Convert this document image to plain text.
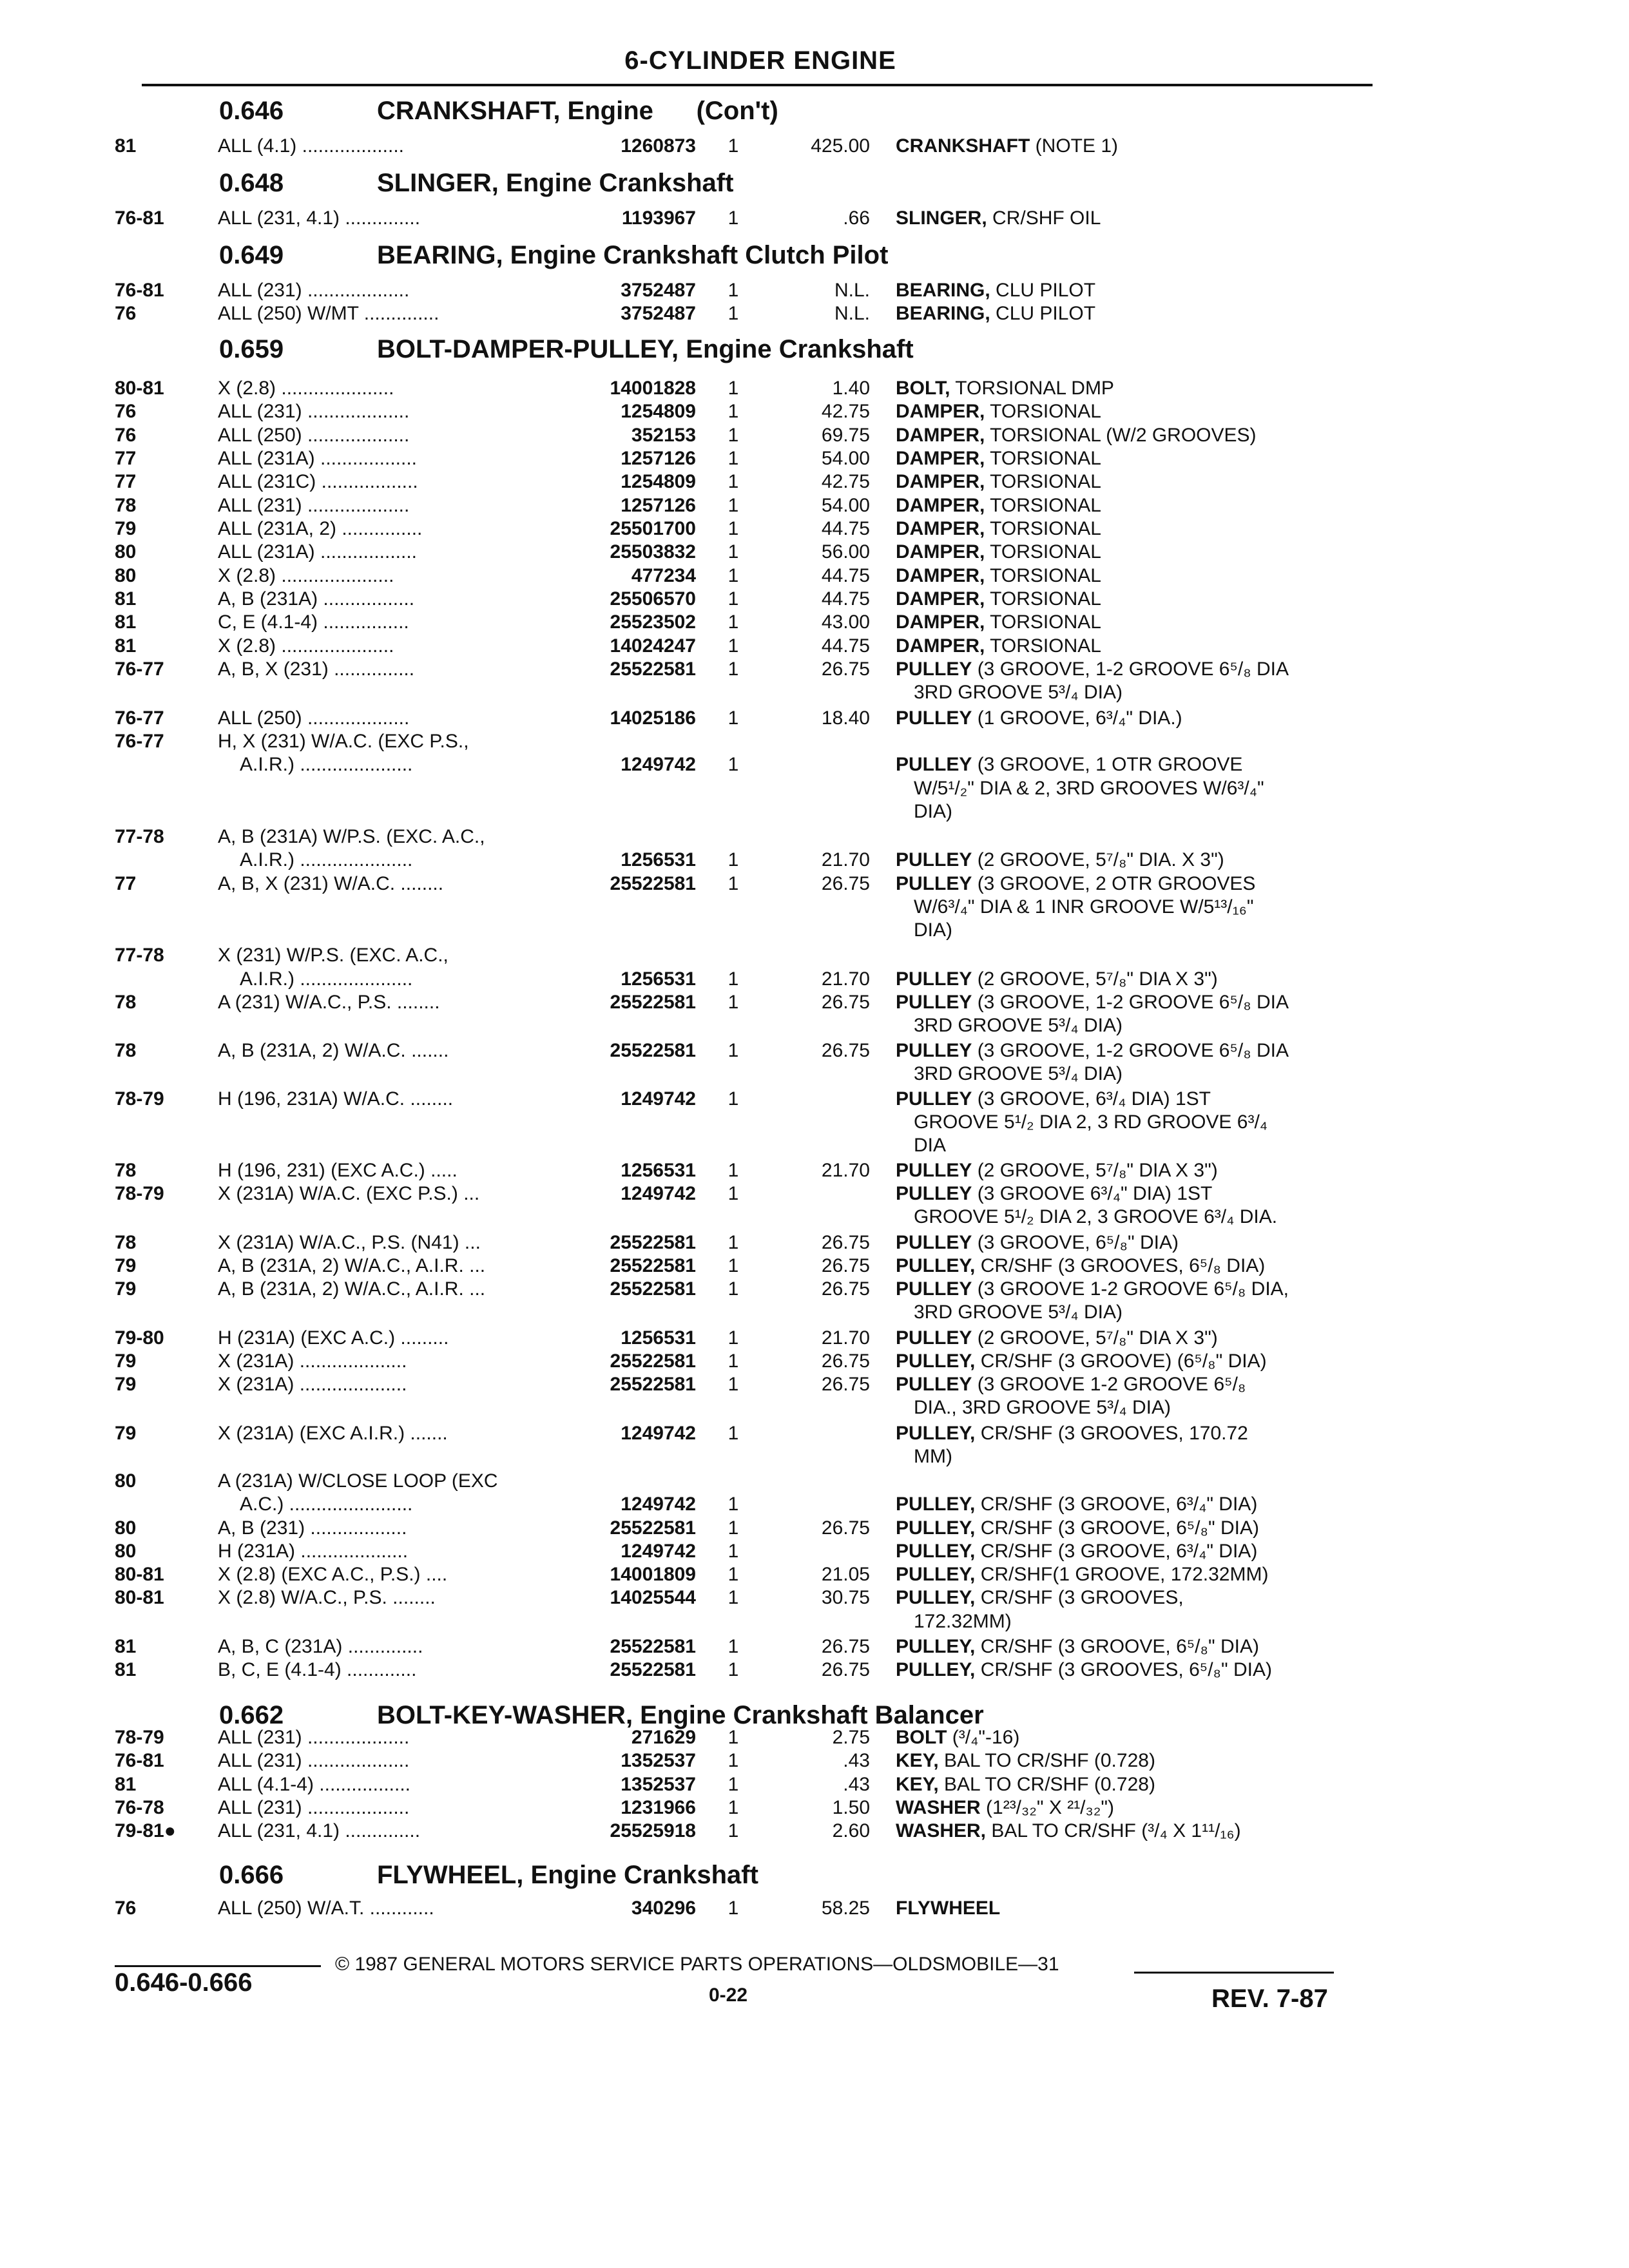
6-CYLINDER ENGINE
0.646	CRANKSHAFT, Engine      (Con't)
0.648	SLINGER, Engine Crankshaft
0.649	BEARING, Engine Crankshaft Clutch Pilot
0.659	BOLT-DAMPER-PULLEY, Engine Crankshaft
0.662	BOLT-KEY-WASHER, Engine Crankshaft Balancer
0.666	FLYWHEEL, Engine Crankshaft
81	ALL (4.1) ...................	1260873	1	425.00 CRANKSHAFT (NOTE 1)
76-81	ALL (231, 4.1) ..............	1193967	1	.66 SLINGER, CR/SHF OIL
76-81	ALL (231) ...................	3752487	1	N.L. BEARING, CLU PILOT
76	ALL (250) W/MT ..............	3752487	1	N.L. BEARING, CLU PILOT
80-81	X (2.8) .....................	14001828	1	1.40 BOLT, TORSIONAL DMP
76	ALL (231) ...................	1254809	1	42.75 DAMPER, TORSIONAL
76	ALL (250) ...................	352153	1	69.75 DAMPER, TORSIONAL (W/2 GROOVES)
77	ALL (231A) ..................	1257126	1	54.00 DAMPER, TORSIONAL
77	ALL (231C) ..................	1254809	1	42.75 DAMPER, TORSIONAL
78	ALL (231) ...................	1257126	1	54.00 DAMPER, TORSIONAL
79	ALL (231A, 2) ...............	25501700	1	44.75 DAMPER, TORSIONAL
80	ALL (231A) ..................	25503832	1	56.00 DAMPER, TORSIONAL
80	X (2.8) .....................	477234	1	44.75 DAMPER, TORSIONAL
81	A, B (231A) .................	25506570	1	44.75 DAMPER, TORSIONAL
81	C, E (4.1-4) ................	25523502	1	43.00 DAMPER, TORSIONAL
81	X (2.8) .....................	14024247	1	44.75 DAMPER, TORSIONAL
76-77	A, B, X (231) ...............	25522581	1	26.75 PULLEY (3 GROOVE, 1-2 GROOVE 6⁵/₈ DIA
3RD GROOVE 5³/₄ DIA)
76-77	ALL (250) ...................	14025186	1	18.40 PULLEY (1 GROOVE, 6³/₄" DIA.)
76-77	H, X (231) W/A.C. (EXC P.S.,
A.I.R.) .....................	1249742	1	PULLEY (3 GROOVE, 1 OTR GROOVE
W/5¹/₂" DIA & 2, 3RD GROOVES W/6³/₄"
DIA)
77-78	A, B (231A) W/P.S. (EXC. A.C.,
A.I.R.) .....................	1256531	1	21.70 PULLEY (2 GROOVE, 5⁷/₈" DIA. X 3")
77	A, B, X (231) W/A.C. ........	25522581	1	26.75 PULLEY (3 GROOVE, 2 OTR GROOVES
W/6³/₄" DIA & 1 INR GROOVE W/5¹³/₁₆"
DIA)
77-78	X (231) W/P.S. (EXC. A.C.,
A.I.R.) .....................	1256531	1	21.70 PULLEY (2 GROOVE, 5⁷/₈" DIA X 3")
78	A (231) W/A.C., P.S. ........	25522581	1	26.75 PULLEY (3 GROOVE, 1-2 GROOVE 6⁵/₈ DIA
3RD GROOVE 5³/₄ DIA)
78	A, B (231A, 2) W/A.C. .......	25522581	1	26.75 PULLEY (3 GROOVE, 1-2 GROOVE 6⁵/₈ DIA
3RD GROOVE 5³/₄ DIA)
78-79	H (196, 231A) W/A.C. ........	1249742	1	PULLEY (3 GROOVE, 6³/₄ DIA) 1ST
GROOVE 5¹/₂ DIA 2, 3 RD GROOVE 6³/₄
DIA
78	H (196, 231) (EXC A.C.) .....	1256531	1	21.70 PULLEY (2 GROOVE, 5⁷/₈" DIA X 3")
78-79	X (231A) W/A.C. (EXC P.S.) ...	1249742	1	PULLEY (3 GROOVE 6³/₄" DIA) 1ST
GROOVE 5¹/₂ DIA 2, 3 GROOVE 6³/₄ DIA.
78	X (231A) W/A.C., P.S. (N41) ...	25522581	1	26.75 PULLEY (3 GROOVE, 6⁵/₈" DIA)
79	A, B (231A, 2) W/A.C., A.I.R. ...	25522581	1	26.75 PULLEY, CR/SHF (3 GROOVES, 6⁵/₈ DIA)
79	A, B (231A, 2) W/A.C., A.I.R. ...	25522581	1	26.75 PULLEY (3 GROOVE 1-2 GROOVE 6⁵/₈ DIA,
3RD GROOVE 5³/₄ DIA)
79-80	H (231A) (EXC A.C.) .........	1256531	1	21.70 PULLEY (2 GROOVE, 5⁷/₈" DIA X 3")
79	X (231A) ....................	25522581	1	26.75 PULLEY, CR/SHF (3 GROOVE) (6⁵/₈" DIA)
79	X (231A) ....................	25522581	1	26.75 PULLEY (3 GROOVE 1-2 GROOVE 6⁵/₈
DIA., 3RD GROOVE 5³/₄ DIA)
79	X (231A) (EXC A.I.R.) .......	1249742	1	PULLEY, CR/SHF (3 GROOVES, 170.72
MM)
80	A (231A) W/CLOSE LOOP (EXC
A.C.) .......................	1249742	1	PULLEY, CR/SHF (3 GROOVE, 6³/₄" DIA)
80	A, B (231) ..................	25522581	1	26.75 PULLEY, CR/SHF (3 GROOVE, 6⁵/₈" DIA)
80	H (231A) ....................	1249742	1	PULLEY, CR/SHF (3 GROOVE, 6³/₄" DIA)
80-81	X (2.8) (EXC A.C., P.S.) ....	14001809	1	21.05 PULLEY, CR/SHF(1 GROOVE, 172.32MM)
80-81	X (2.8) W/A.C., P.S. ........	14025544	1	30.75 PULLEY, CR/SHF (3 GROOVES,
172.32MM)
81	A, B, C (231A) ..............	25522581	1	26.75 PULLEY, CR/SHF (3 GROOVE, 6⁵/₈" DIA)
81	B, C, E (4.1-4) .............	25522581	1	26.75 PULLEY, CR/SHF (3 GROOVES, 6⁵/₈" DIA)
78-79	ALL (231) ...................	271629	1	2.75 BOLT (³/₄"-16)
76-81	ALL (231) ...................	1352537	1	.43 KEY, BAL TO CR/SHF (0.728)
81	ALL (4.1-4) .................	1352537	1	.43 KEY, BAL TO CR/SHF (0.728)
76-78	ALL (231) ...................	1231966	1	1.50 WASHER (1²³/₃₂" X ²¹/₃₂")
79-81● ALL (231, 4.1) ..............	25525918	1	2.60 WASHER, BAL TO CR/SHF (³/₄ X 1¹¹/₁₆)
76	ALL (250) W/A.T. ............	340296	1	58.25 FLYWHEEL
© 1987 GENERAL MOTORS SERVICE PARTS OPERATIONS—OLDSMOBILE—31
0.646-0.666	0-22	REV. 7-87
